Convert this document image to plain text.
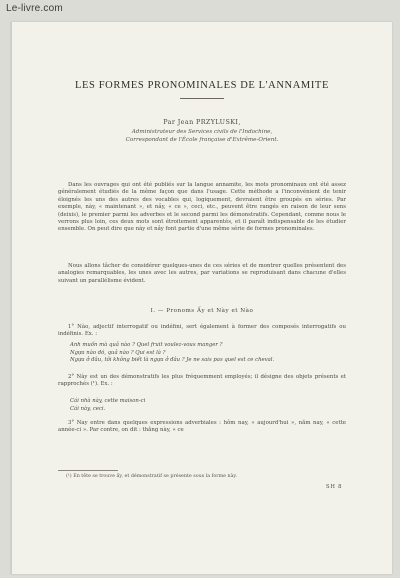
Le-livre.com
LES FORMES PRONOMINALES DE L'ANNAMITE
Par Jean PRZYLUSKI,
Administrateur des Services civils de l'Indochine,
Correspondant de l'École française d'Extrême-Orient.
Dans les ouvrages qui ont été publiés sur la langue annamite, les mots pronominaux ont été assez généralement étudiés de la même façon que dans l'usage. Cette méthode a l'inconvénient de tenir éloignés les uns des autres des vocables qui, logiquement, devraient être groupés en séries. Par exemple, này, « maintenant », et nảy, « ce », ceci, etc., peuvent être rangés en raison de leur sens (deixis), le premier parmi les adverbes et le second parmi les démonstratifs. Cependant, comme nous le verrons plus loin, ces deux mots sont étroitement apparentés, et il paraît indispensable de les étudier ensemble. On peut dire que này et nảy font partie d'une même série de formes pronominales.
Nous allons tâcher de considérer quelques-unes de ces séries et de montrer quelles présentent des analogies remarquables, les unes avec les autres, par variations se reproduisant dans chacune d'elles suivant un parallélisme évident.
I. — Pronoms Ấy et Này et Nào
1° Nào, adjectif interrogatif ou indéfini, sert également à former des composés interrogatifs ou indéfinis. Ex. :
Anh muốn mà quả nào ? Quel fruit voulez-vous manger ?
Ngựa nào đó, quả nào ? Qui est là ?
Ngựa ở đâu, tôi không biết là ngựa ở đâu ? Je ne sais pas quel est ce cheval.
2° Này est un des démonstratifs les plus fréquemment employés; il désigne des objets présents et rapprochés (¹). Ex. :
Cái nhà này, cette maison-ci
Cái này, ceci.
3° Nay entre dans quelques expressions adverbiales : hôm nay, « aujourd'hui », năm nay, « cette année-ci ». Par contre, on dit : thằng này, « ce
(¹) En tête se trouve ấy, et démonstratif se présente sous la forme này.
SH 8
